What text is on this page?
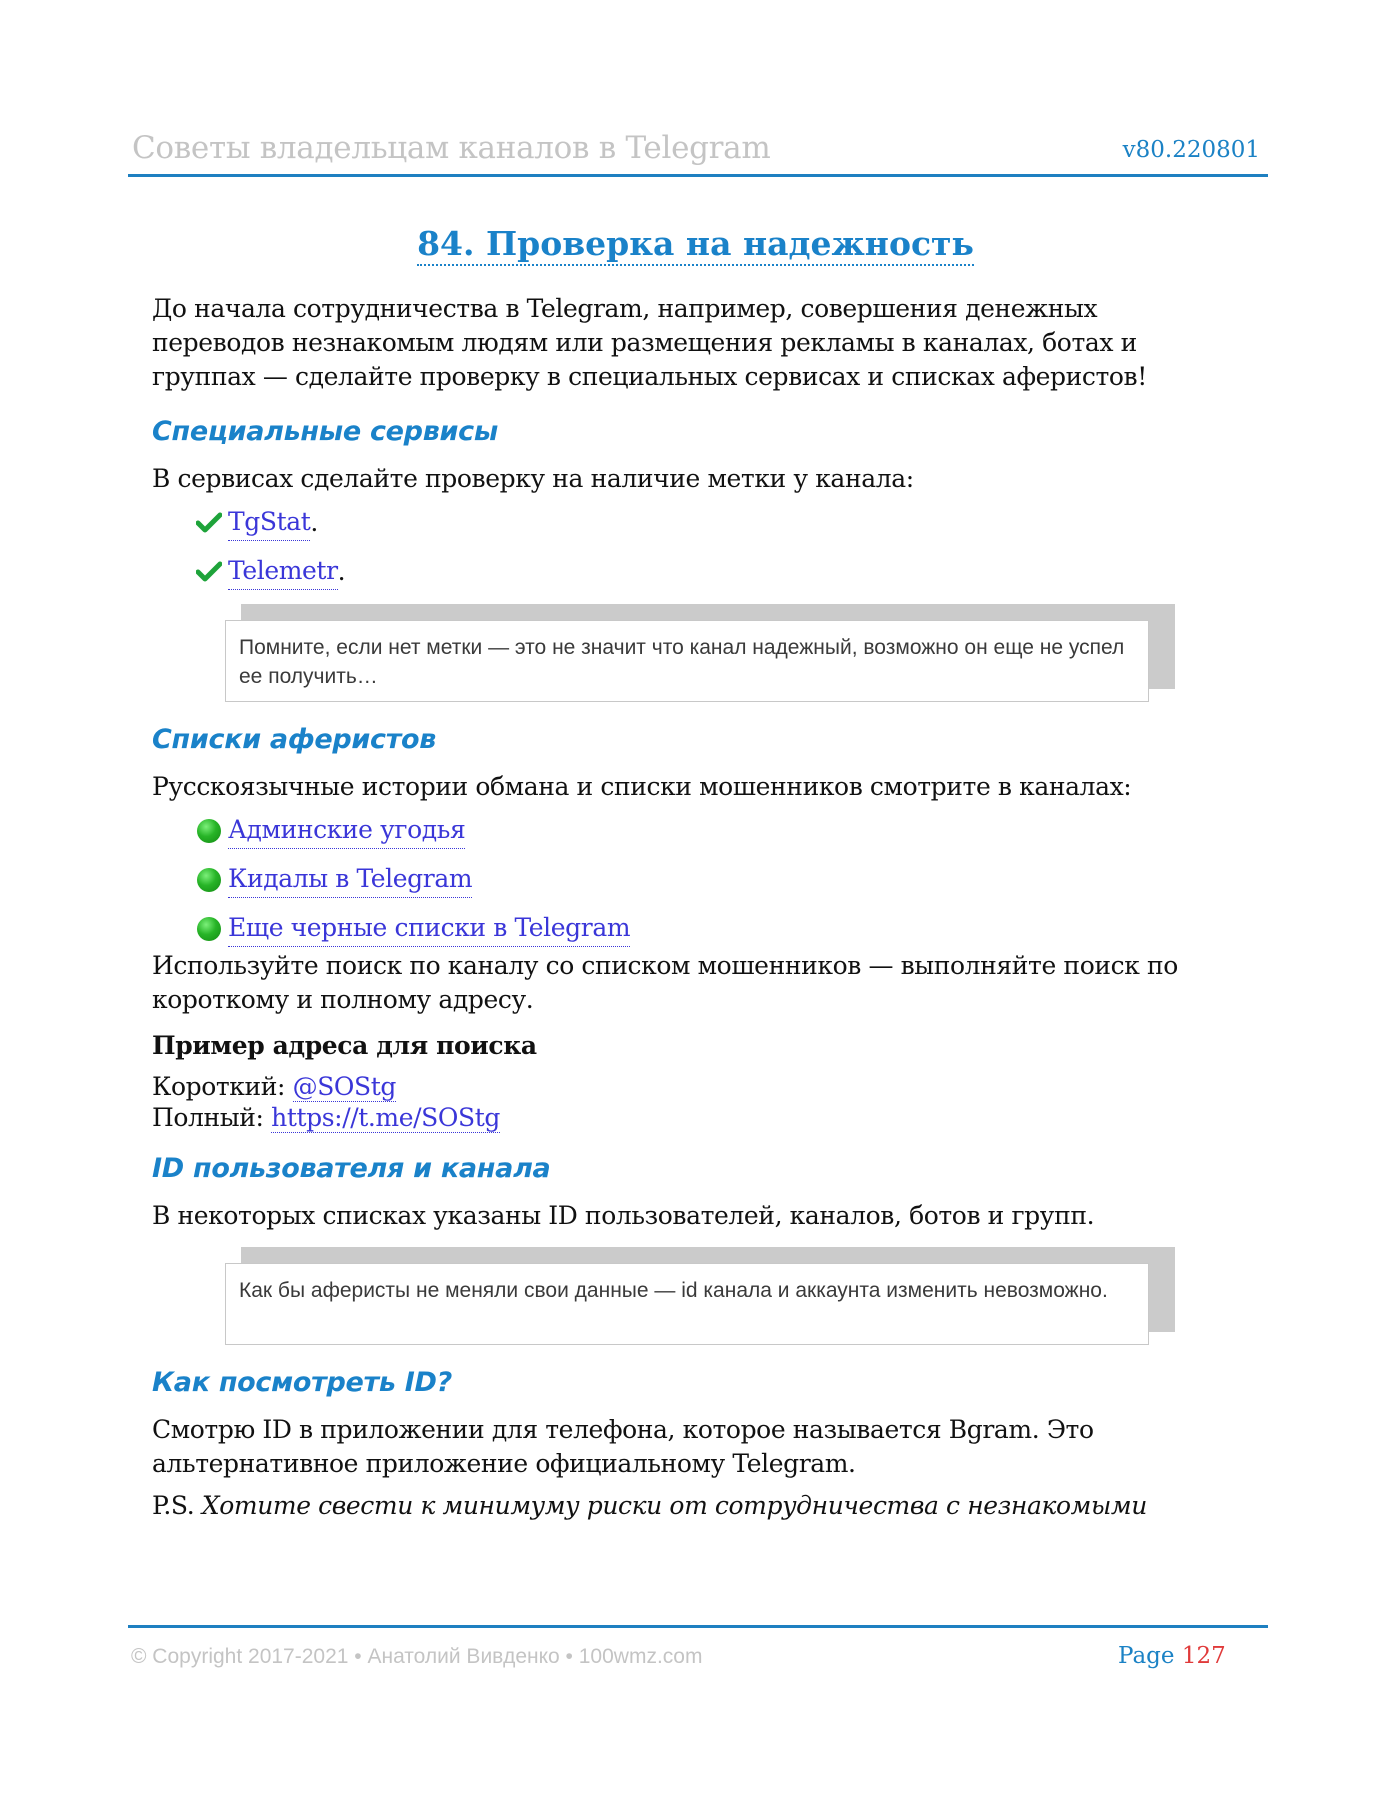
Советы владельцам каналов в Telegram	v80.220801
84. Проверка на надежность

До начала сотрудничества в Telegram, например, совершения денежных переводов незнакомым людям или размещения рекламы в каналах, ботах и группах — сделайте проверку в специальных сервисах и списках аферистов!

Специальные сервисы

В сервисах сделайте проверку на наличие метки у канала:

TgStat .
Telemetr .
Помните, если нет метки — это не значит что канал надежный, возможно он еще не успел ее получить…
Списки аферистов

Русскоязычные истории обмана и списки мошенников смотрите в каналах:

Админские угодья
Кидалы в Telegram
Еще черные списки в Telegram

Используйте поиск по каналу со списком мошенников — выполняйте поиск по короткому и полному адресу.

Пример адреса для поиска

Короткий: @SOStg

Полный: https://t.me/SOStg

ID пользователя и канала

В некоторых списках указаны ID пользователей, каналов, ботов и групп.

Как бы аферисты не меняли свои данные — id канала и аккаунта изменить невозможно.
Как посмотреть ID?

Смотрю ID в приложении для телефона, которое называется Bgram. Это альтернативное приложение официальному Telegram.

P.S. Хотите свести к минимуму риски от сотрудничества с незнакомыми

© Copyright 2017-2021 • Анатолий Вивденко • 100wmz.com	Page 127
